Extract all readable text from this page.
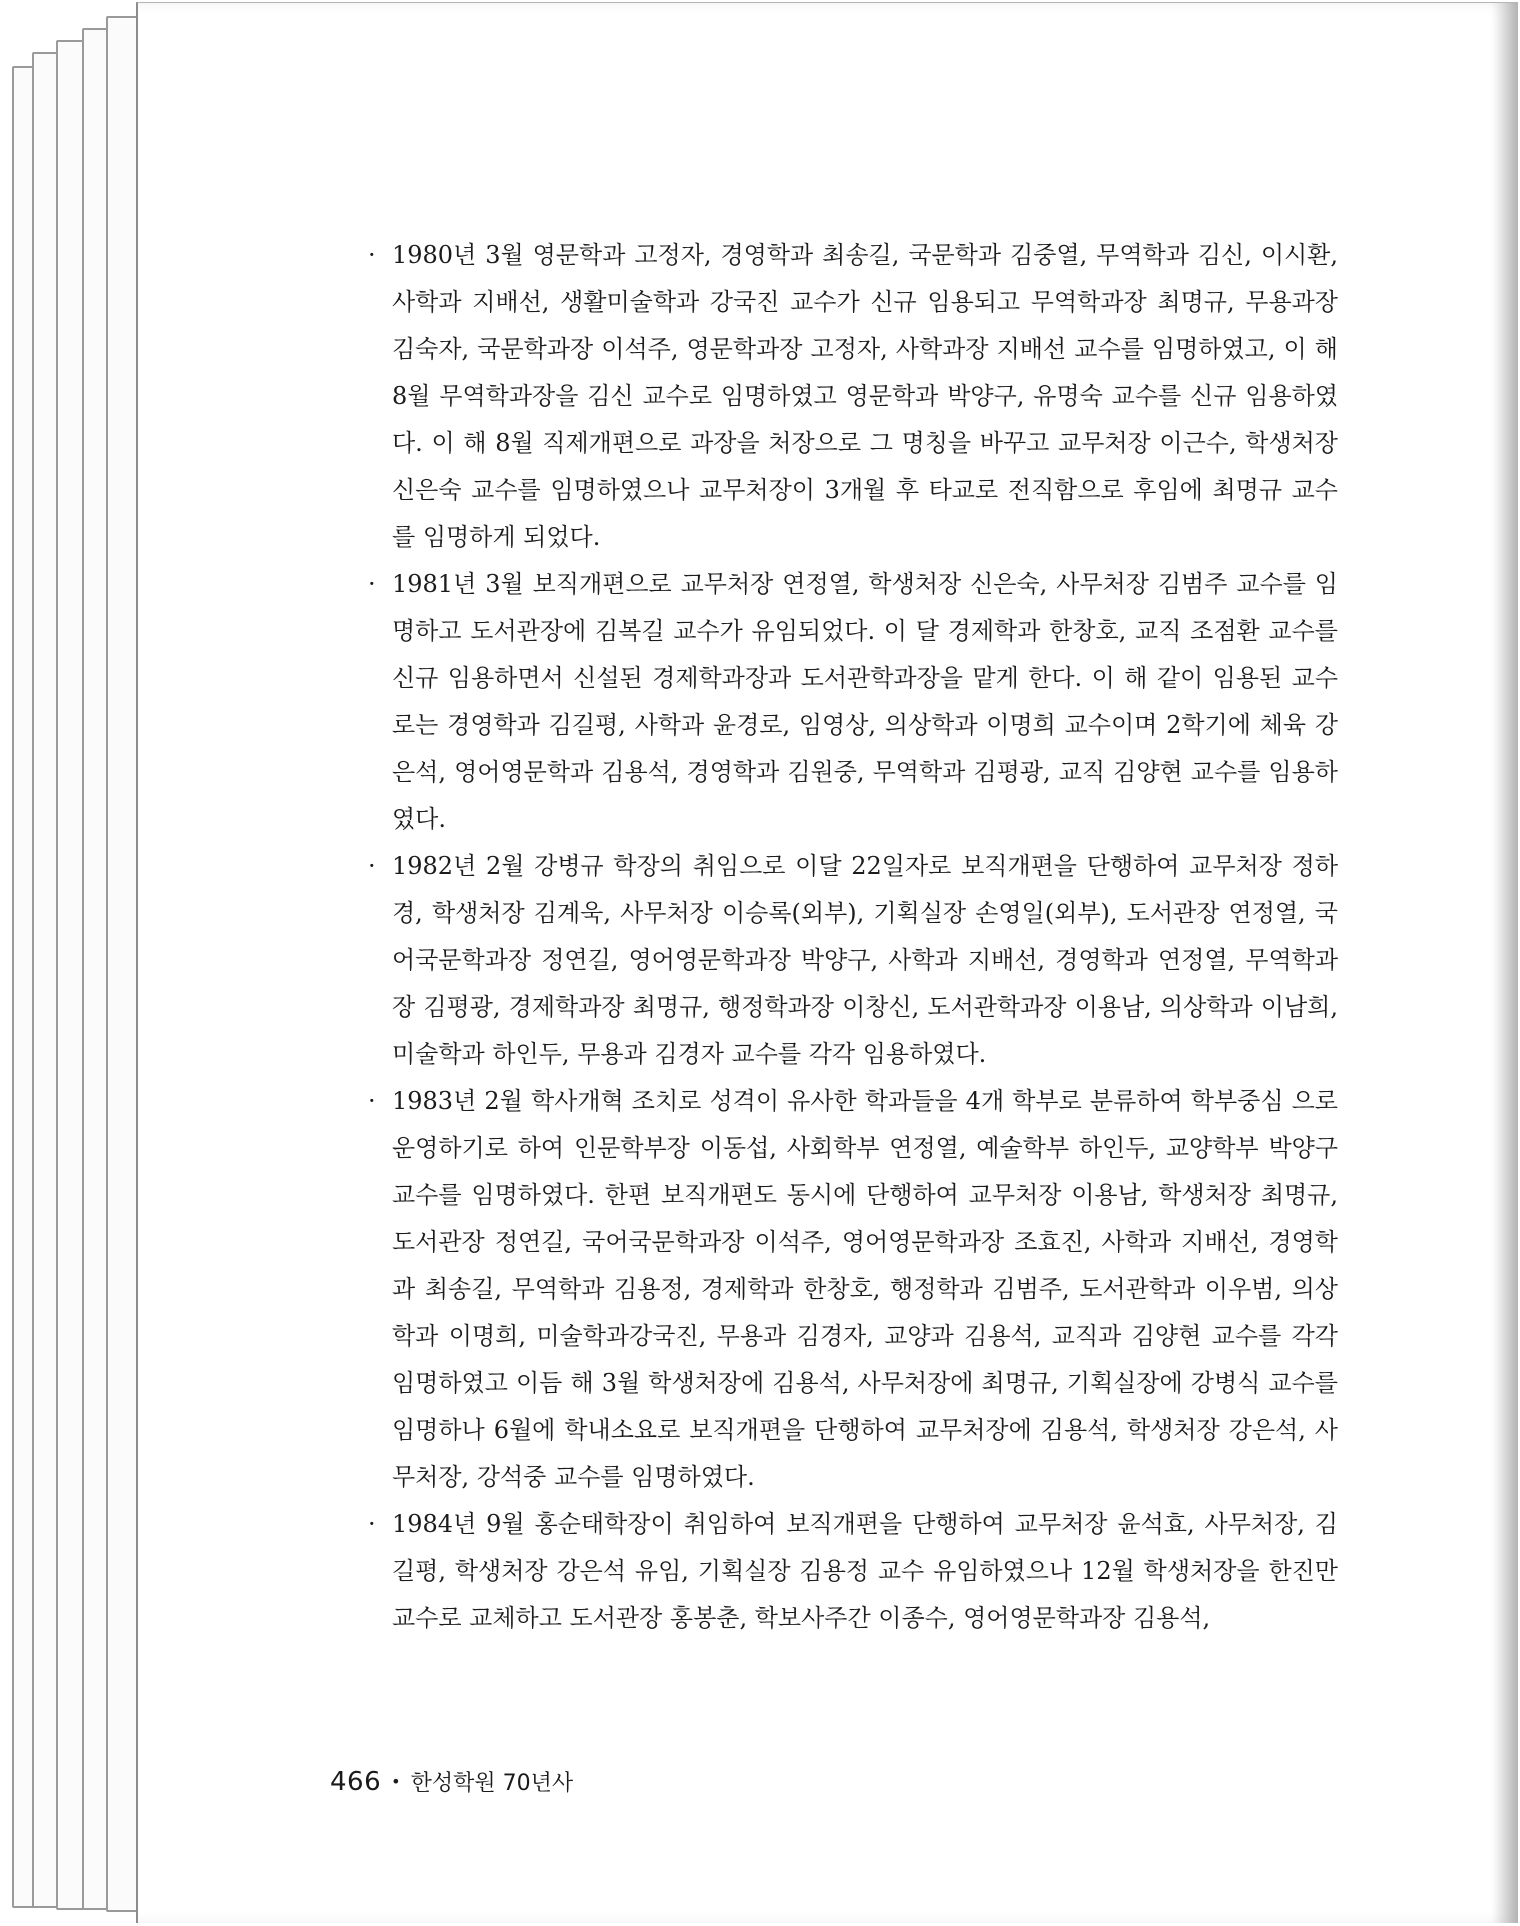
· 1980년 3월 영문학과 고정자, 경영학과 최송길, 국문학과 김중열, 무역학과 김신, 이시환, 사학과 지배선, 생활미술학과 강국진 교수가 신규 임용되고 무역학과장 최명규, 무용과장 김숙자, 국문학과장 이석주, 영문학과장 고정자, 사학과장 지배선 교수를 임명하였고, 이 해 8월 무역학과장을 김신 교수로 임명하였고 영문학과 박양구, 유명숙 교수를 신규 임용하였다. 이 해 8월 직제개편으로 과장을 처장으로 그 명칭을 바꾸고 교무처장 이근수, 학생처장 신은숙 교수를 임명하였으나 교무처장이 3개월 후 타교로 전직함으로 후임에 최명규 교수를 임명하게 되었다.

· 1981년 3월 보직개편으로 교무처장 연정열, 학생처장 신은숙, 사무처장 김범주 교수를 임명하고 도서관장에 김복길 교수가 유임되었다. 이 달 경제학과 한창호, 교직 조점환 교수를 신규 임용하면서 신설된 경제학과장과 도서관학과장을 맡게 한다. 이 해 같이 임용된 교수로는 경영학과 김길평, 사학과 윤경로, 임영상, 의상학과 이명희 교수이며 2학기에 체육 강은석, 영어영문학과 김용석, 경영학과 김원중, 무역학과 김평광, 교직 김양현 교수를 임용하였다.

· 1982년 2월 강병규 학장의 취임으로 이달 22일자로 보직개편을 단행하여 교무처장 정하경, 학생처장 김계욱, 사무처장 이승록(외부), 기획실장 손영일(외부), 도서관장 연정열, 국어국문학과장 정연길, 영어영문학과장 박양구, 사학과 지배선, 경영학과 연정열, 무역학과장 김평광, 경제학과장 최명규, 행정학과장 이창신, 도서관학과장 이용남, 의상학과 이남희, 미술학과 하인두, 무용과 김경자 교수를 각각 임용하였다.

· 1983년 2월 학사개혁 조치로 성격이 유사한 학과들을 4개 학부로 분류하여 학부중심 으로 운영하기로 하여 인문학부장 이동섭, 사회학부 연정열, 예술학부 하인두, 교양학부 박양구 교수를 임명하였다. 한편 보직개편도 동시에 단행하여 교무처장 이용남, 학생처장 최명규, 도서관장 정연길, 국어국문학과장 이석주, 영어영문학과장 조효진, 사학과 지배선, 경영학과 최송길, 무역학과 김용정, 경제학과 한창호, 행정학과 김범주, 도서관학과 이우범, 의상학과 이명희, 미술학과강국진, 무용과 김경자, 교양과 김용석, 교직과 김양현 교수를 각각 임명하였고 이듬 해 3월 학생처장에 김용석, 사무처장에 최명규, 기획실장에 강병식 교수를 임명하나 6월에 학내소요로 보직개편을 단행하여 교무처장에 김용석, 학생처장 강은석, 사무처장, 강석중 교수를 임명하였다.

· 1984년 9월 홍순태학장이 취임하여 보직개편을 단행하여 교무처장 윤석효, 사무처장, 김길평, 학생처장 강은석 유임, 기획실장 김용정 교수 유임하였으나 12월 학생처장을 한진만 교수로 교체하고 도서관장 홍봉춘, 학보사주간 이종수, 영어영문학과장 김용석,

466 • 한성학원 70년사
